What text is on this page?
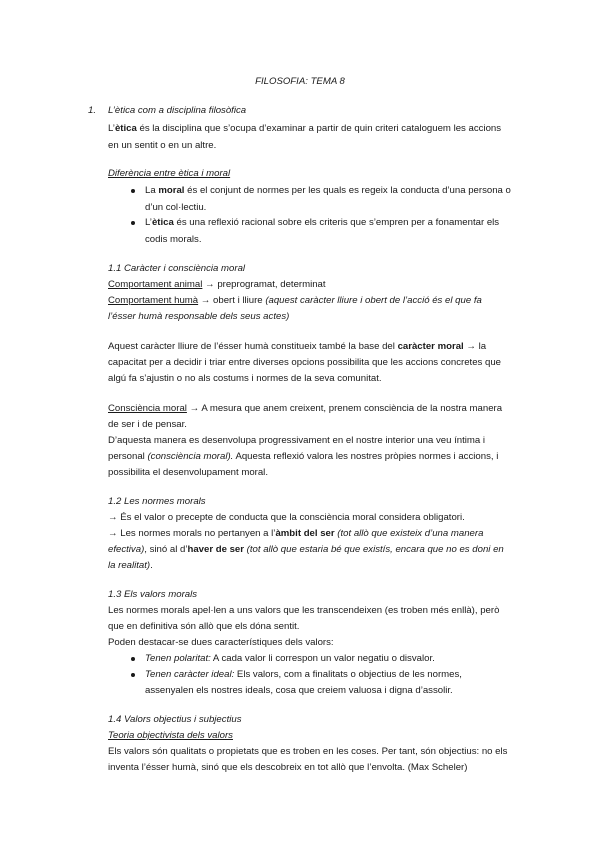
FILOSOFIA: TEMA 8
1. L’ètica com a disciplina filosòfica
L’ètica és la disciplina que s’ocupa d’examinar a partir de quin criteri cataloguem les accions
en un sentit o en un altre.
Diferència entre ètica i moral
La moral és el conjunt de normes per les quals es regeix la conducta d’una persona o
d’un col·lectiu.
L’ètica és una reflexió racional sobre els criteris que s’empren per a fonamentar els
codis morals.
1.1 Caràcter i consciència moral
Comportament animal → preprogramat, determinat
Comportament humà → obert i lliure (aquest caràcter lliure i obert de l’acció és el que fa
l’ésser humà responsable dels seus actes)
Aquest caràcter lliure de l’ésser humà constitueix també la base del caràcter moral → la
capacitat per a decidir i triar entre diverses opcions possibilita que les accions concretes que
algú fa s’ajustin o no als costums i normes de la seva comunitat.
Consciència moral → A mesura que anem creixent, prenem consciència de la nostra manera
de ser i de pensar.
D’aquesta manera es desenvolupa progressivament en el nostre interior una veu íntima i
personal (consciència moral). Aquesta reflexió valora les nostres pròpies normes i accions, i
possibilita el desenvolupament moral.
1.2 Les normes morals
→ És el valor o precepte de conducta que la consciència moral considera obligatori.
→ Les normes morals no pertanyen a l’àmbit del ser (tot allò que existeix d’una manera
efectiva), sinó al d’haver de ser (tot allò que estaria bé que existís, encara que no es doni en
la realitat).
1.3 Els valors morals
Les normes morals apel·len a uns valors que les transcendeixen (es troben més enllà), però
que en definitiva són allò que els dóna sentit.
Poden destacar-se dues característiques dels valors:
Tenen polaritat: A cada valor li correspon un valor negatiu o disvalor.
Tenen caràcter ideal: Els valors, com a finalitats o objectius de les normes,
assenyalen els nostres ideals, cosa que creiem valuosa i digna d’assolir.
1.4 Valors objectius i subjectius
Teoria objectivista dels valors
Els valors són qualitats o propietats que es troben en les coses. Per tant, són objectius: no els
inventa l’ésser humà, sinó que els descobreix en tot allò que l’envolta. (Max Scheler)
